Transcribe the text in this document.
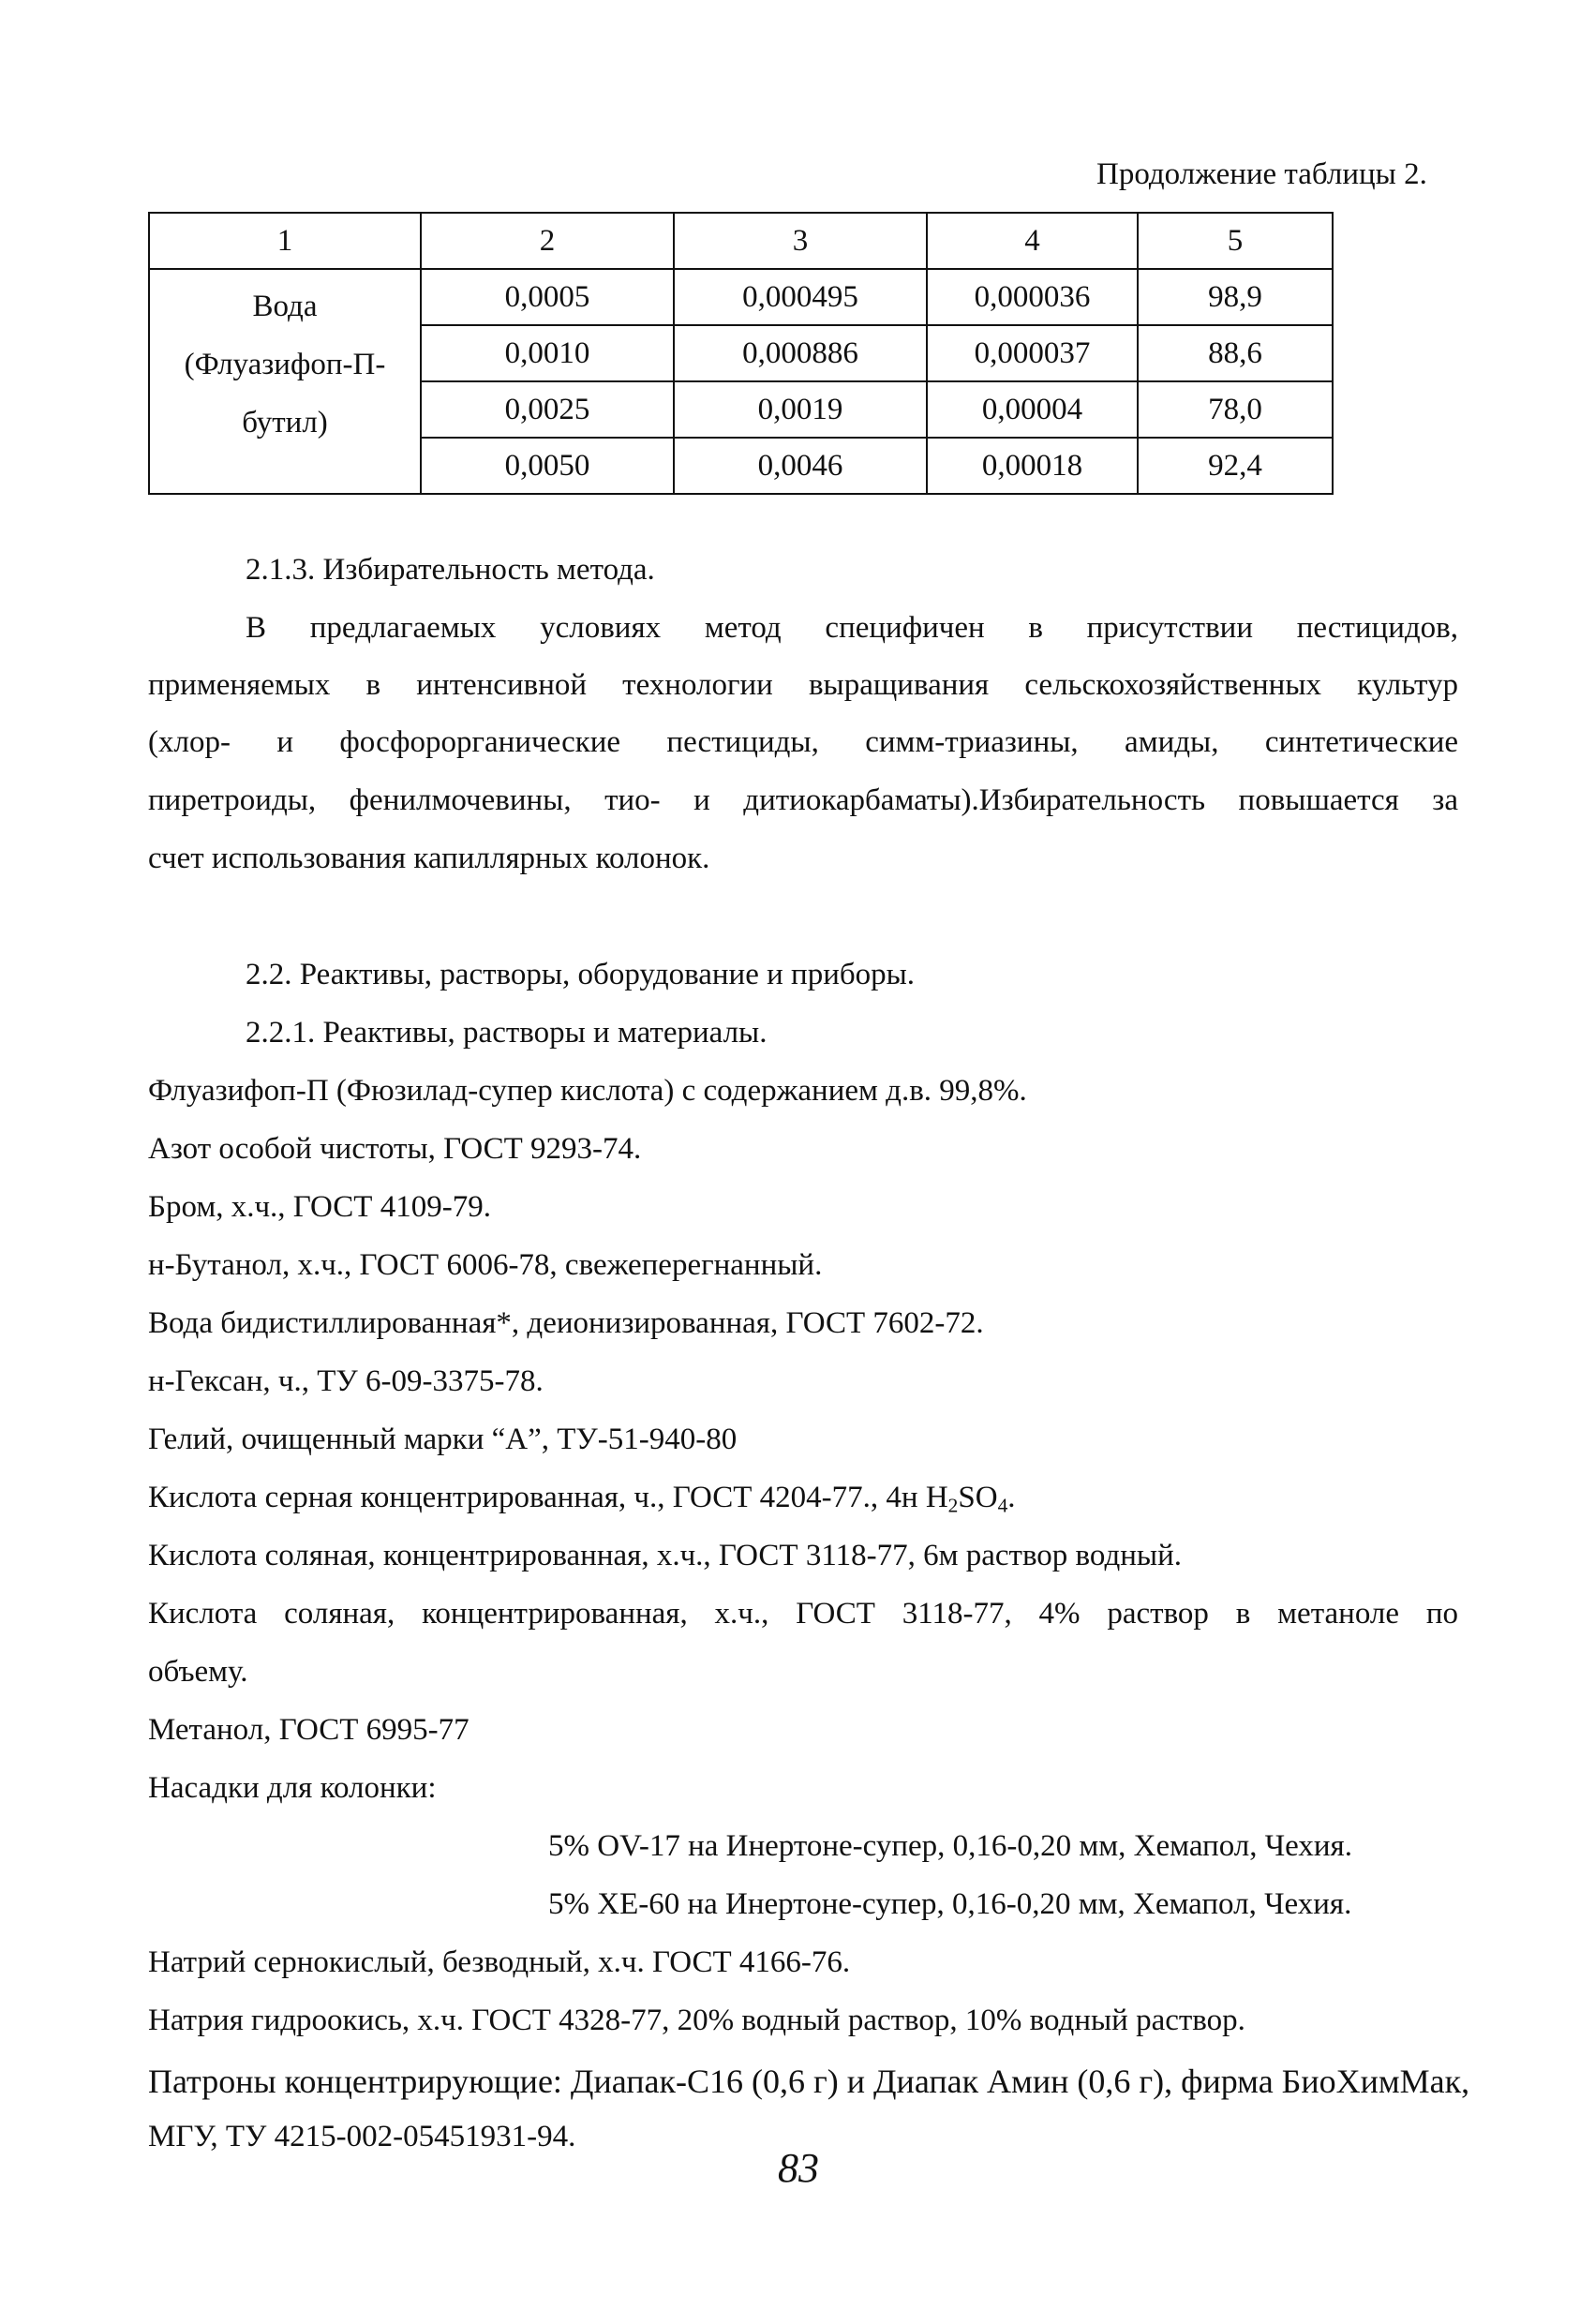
Продолжение таблицы 2.
1	2	3	4	5

Вода
(Флуазифоп-П-
бутил)	0,0005	0,000495	0,000036	98,9
	0,0010	0,000886	0,000037	88,6
	0,0025	0,0019	0,00004	78,0
	0,0050	0,0046	0,00018	92,4
2.1.3. Избирательность метода.
В предлагаемых условиях метод специфичен в присутствии пестицидов,
применяемых в интенсивной технологии выращивания сельскохозяйственных культур
(хлор- и фосфорорганические пестициды, симм-триазины, амиды, синтетические
пиретроиды, фенилмочевины, тио- и дитиокарбаматы).Избирательность повышается за
счет использования капиллярных колонок.
2.2. Реактивы, растворы, оборудование и приборы.
2.2.1. Реактивы, растворы и материалы.
Флуазифоп-П (Фюзилад-супер кислота) с содержанием д.в. 99,8%.
Азот особой чистоты, ГОСТ 9293-74.
Бром, х.ч., ГОСТ 4109-79.
н-Бутанол, х.ч., ГОСТ 6006-78, свежеперегнанный.
Вода бидистиллированная*, деионизированная, ГОСТ 7602-72.
н-Гексан, ч., ТУ 6-09-3375-78.
Гелий, очищенный марки “А”, ТУ-51-940-80
Кислота серная концентрированная, ч., ГОСТ 4204-77., 4н $H_2SO_4$.
Кислота соляная, концентрированная, х.ч., ГОСТ 3118-77, 6м раствор водный.
Кислота соляная, концентрированная, х.ч., ГОСТ 3118-77, 4% раствор в метаноле по
объему.
Метанол, ГОСТ 6995-77
Насадки для колонки:
5% OV-17 на Инертоне-супер, 0,16-0,20 мм, Хемапол, Чехия.
5% XE-60 на Инертоне-супер, 0,16-0,20 мм, Хемапол, Чехия.
Натрий сернокислый, безводный, х.ч. ГОСТ 4166-76.
Натрия гидроокись, х.ч. ГОСТ 4328-77, 20% водный раствор, 10% водный раствор.
Патроны концентрирующие: Диапак-С16 (0,6 г) и Диапак Амин (0,6 г), фирма БиоХимМак,
МГУ, ТУ 4215-002-05451931-94.
83
